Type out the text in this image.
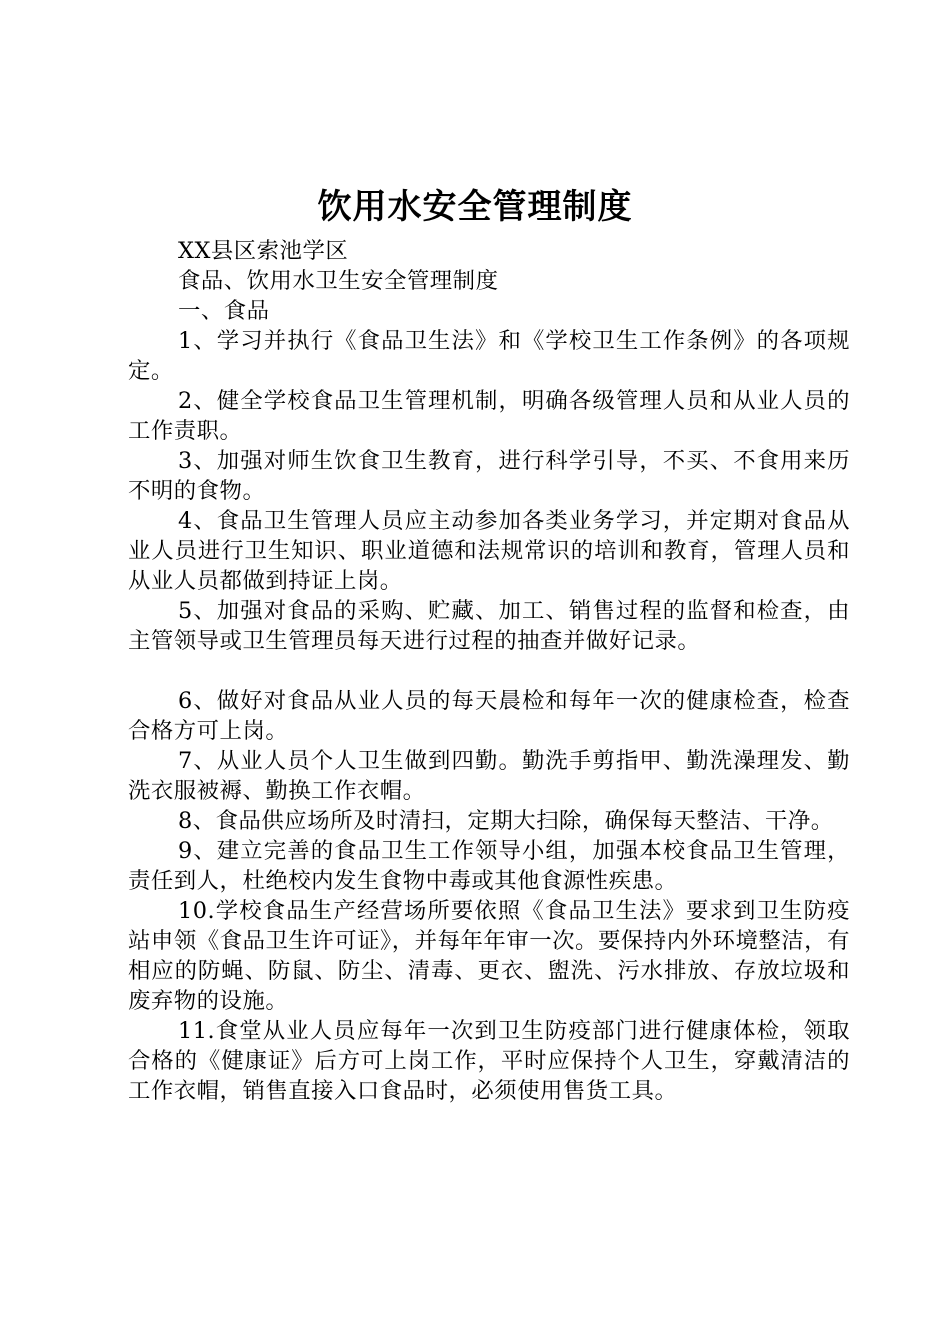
饮用水安全管理制度

XX县区索池学区

食品、饮用水卫生安全管理制度

一、食品

1、学习并执行《食品卫生法》和《学校卫生工作条例》的各项规定。

2、健全学校食品卫生管理机制，明确各级管理人员和从业人员的工作责职。

3、加强对师生饮食卫生教育，进行科学引导，不买、不食用来历不明的食物。

4、食品卫生管理人员应主动参加各类业务学习，并定期对食品从业人员进行卫生知识、职业道德和法规常识的培训和教育，管理人员和从业人员都做到持证上岗。

5、加强对食品的采购、贮藏、加工、销售过程的监督和检查，由主管领导或卫生管理员每天进行过程的抽查并做好记录。

6、做好对食品从业人员的每天晨检和每年一次的健康检查，检查合格方可上岗。

7、从业人员个人卫生做到四勤。勤洗手剪指甲、勤洗澡理发、勤洗衣服被褥、勤换工作衣帽。

8、食品供应场所及时清扫，定期大扫除，确保每天整洁、干净。

9、建立完善的食品卫生工作领导小组，加强本校食品卫生管理，责任到人，杜绝校内发生食物中毒或其他食源性疾患。

10.学校食品生产经营场所要依照《食品卫生法》要求到卫生防疫站申领《食品卫生许可证》，并每年年审一次。要保持内外环境整洁，有相应的防蝇、防鼠、防尘、清毒、更衣、盥洗、污水排放、存放垃圾和废弃物的设施。

11.食堂从业人员应每年一次到卫生防疫部门进行健康体检，领取合格的《健康证》后方可上岗工作，平时应保持个人卫生，穿戴清洁的工作衣帽，销售直接入口食品时，必须使用售货工具。
